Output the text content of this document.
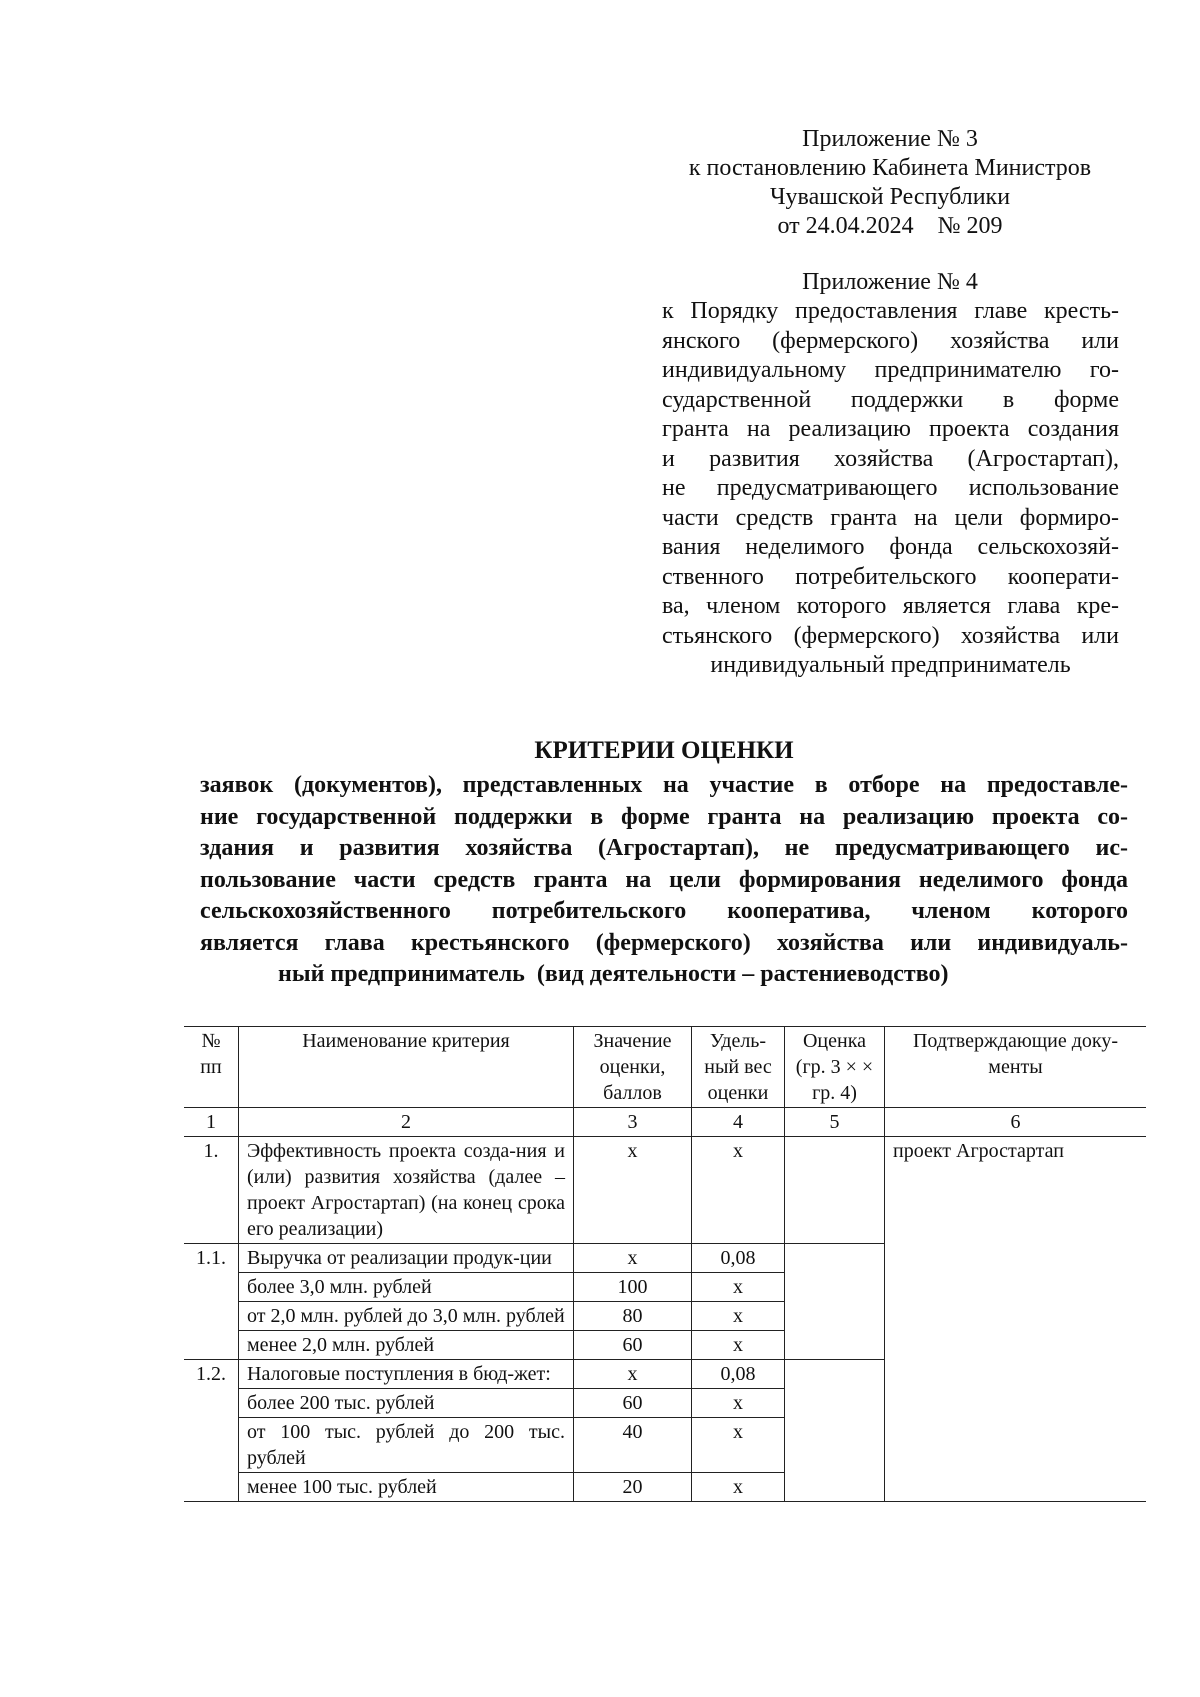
Приложение № 3
к постановлению Кабинета Министров
Чувашской Республики
от 24.04.2024    № 209
Приложение № 4
к Порядку предоставления главе кресть-
янского (фермерского) хозяйства или
индивидуальному предпринимателю го-
сударственной поддержки в форме
гранта на реализацию проекта создания
и развития хозяйства (Агростартап),
не предусматривающего использование
части средств гранта на цели формиро-
вания неделимого фонда сельскохозяй-
ственного потребительского кооперати-
ва, членом которого является глава кре-
стьянского (фермерского) хозяйства или
индивидуальный предприниматель
КРИТЕРИИ ОЦЕНКИ
заявок (документов), представленных на участие в отборе на предоставле-
ние государственной поддержки в форме гранта на реализацию проекта со-
здания и развития хозяйства (Агростартап), не предусматривающего ис-
пользование части средств гранта на цели формирования неделимого фонда
сельскохозяйственного потребительского кооператива, членом которого
является глава крестьянского (фермерского) хозяйства или индивидуаль-
ный предприниматель  (вид деятельности – растениеводство)
№ пп	Наименование критерия	Значение оценки, баллов	Удель-ный вес оценки	Оценка (гр. 3 × × гр. 4)	Подтверждающие доку-менты
1	2	3	4	5	6
1.	Эффективность проекта созда-ния и (или) развития хозяйства (далее – проект Агростартап) (на конец срока его реализации)	х	х		проект Агростартап
1.1.	Выручка от реализации продук-ции	х	0,08		
	более 3,0 млн. рублей	100	х		
	от 2,0 млн. рублей до 3,0 млн. рублей	80	х		
	менее 2,0 млн. рублей	60	х		
1.2.	Налоговые поступления в бюд-жет:	х	0,08		
	более 200 тыс. рублей	60	х		
	от 100 тыс. рублей до 200 тыс. рублей	40	х		
	менее 100 тыс. рублей	20	х		
